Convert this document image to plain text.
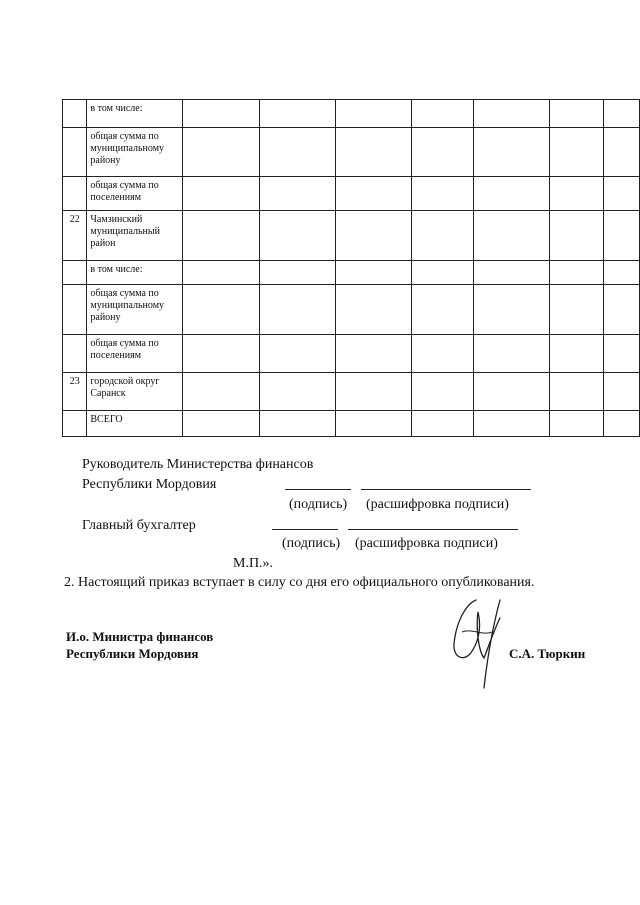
	в том числе:							
	общая сумма по муниципальному району							
	общая сумма по поселениям							
22	Чамзинский муниципальный район							
	в том числе:							
	общая сумма по муниципальному району							
	общая сумма по поселениям							
23	городской округ Саранск							
	ВСЕГО							
Руководитель Министерства финансов
Республики Мордовия
(подпись) (расшифровка подписи)
Главный бухгалтер
(подпись) (расшифровка подписи)
М.П.».
2. Настоящий приказ вступает в силу со дня его официального опубликования.
И.о. Министра финансов
Республики Мордовия	С.А. Тюркин
